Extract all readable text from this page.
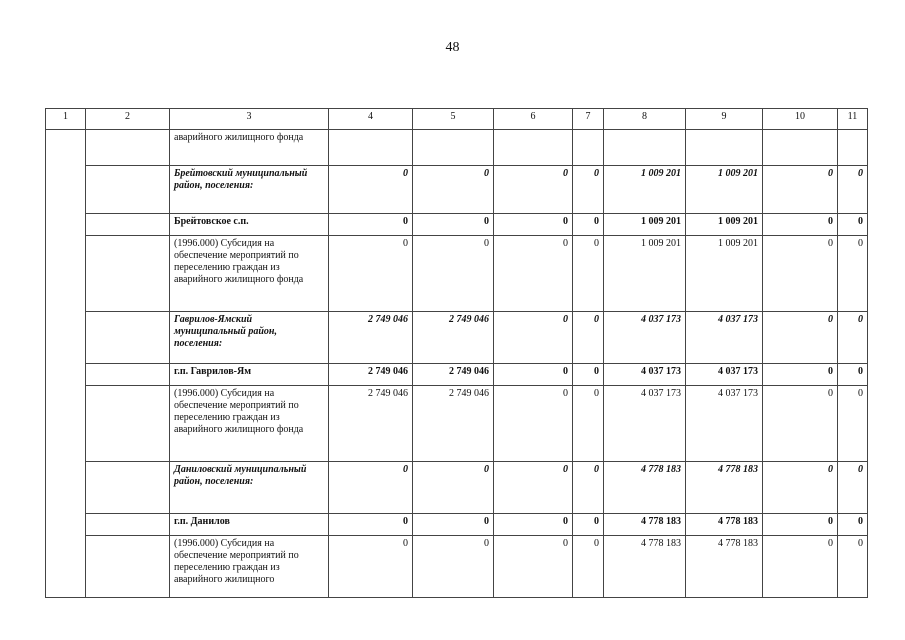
48
1	2	3	4	5	6	7	8	9	10	11
		аварийного жилищного фонда								
		Брейтовский муниципальный район, поселения:	0	0	0	0	1 009 201	1 009 201	0	0
		Брейтовское с.п.	0	0	0	0	1 009 201	1 009 201	0	0
		(1996.000) Субсидия на обеспечение мероприятий по переселению граждан из аварийного жилищного фонда	0	0	0	0	1 009 201	1 009 201	0	0
		Гаврилов-Ямский муниципальный район, поселения:	2 749 046	2 749 046	0	0	4 037 173	4 037 173	0	0
		г.п. Гаврилов-Ям	2 749 046	2 749 046	0	0	4 037 173	4 037 173	0	0
		(1996.000) Субсидия на обеспечение мероприятий по переселению граждан из аварийного жилищного фонда	2 749 046	2 749 046	0	0	4 037 173	4 037 173	0	0
		Даниловский муниципальный район, поселения:	0	0	0	0	4 778 183	4 778 183	0	0
		г.п. Данилов	0	0	0	0	4 778 183	4 778 183	0	0
		(1996.000) Субсидия на обеспечение мероприятий по переселению граждан из аварийного жилищного	0	0	0	0	4 778 183	4 778 183	0	0
